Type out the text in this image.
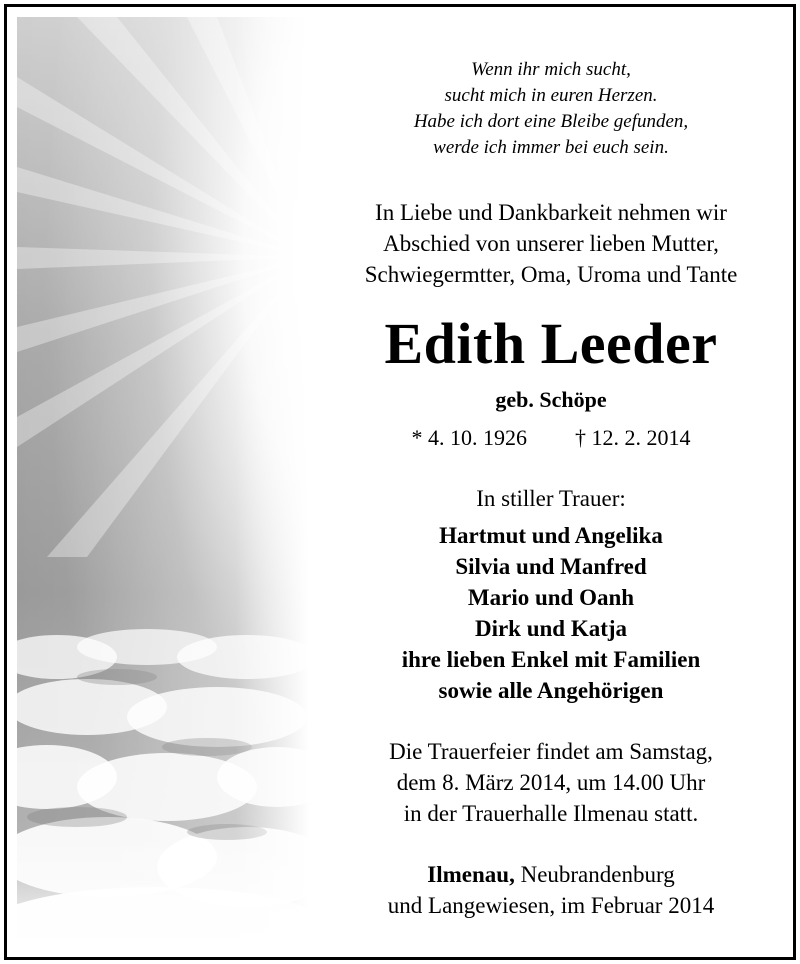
Wenn ihr mich sucht,
sucht mich in euren Herzen.
Habe ich dort eine Bleibe gefunden,
werde ich immer bei euch sein.
In Liebe und Dankbarkeit nehmen wir
Abschied von unserer lieben Mutter,
Schwiegermtter, Oma, Uroma und Tante
Edith Leeder
geb. Schöpe
* 4. 10. 1926 † 12. 2. 2014
In stiller Trauer:
Hartmut und Angelika
Silvia und Manfred
Mario und Oanh
Dirk und Katja
ihre lieben Enkel mit Familien
sowie alle Angehörigen
Die Trauerfeier findet am Samstag,
dem 8. März 2014, um 14.00 Uhr
in der Trauerhalle Ilmenau statt.
Ilmenau, Neubrandenburg
und Langewiesen, im Februar 2014
